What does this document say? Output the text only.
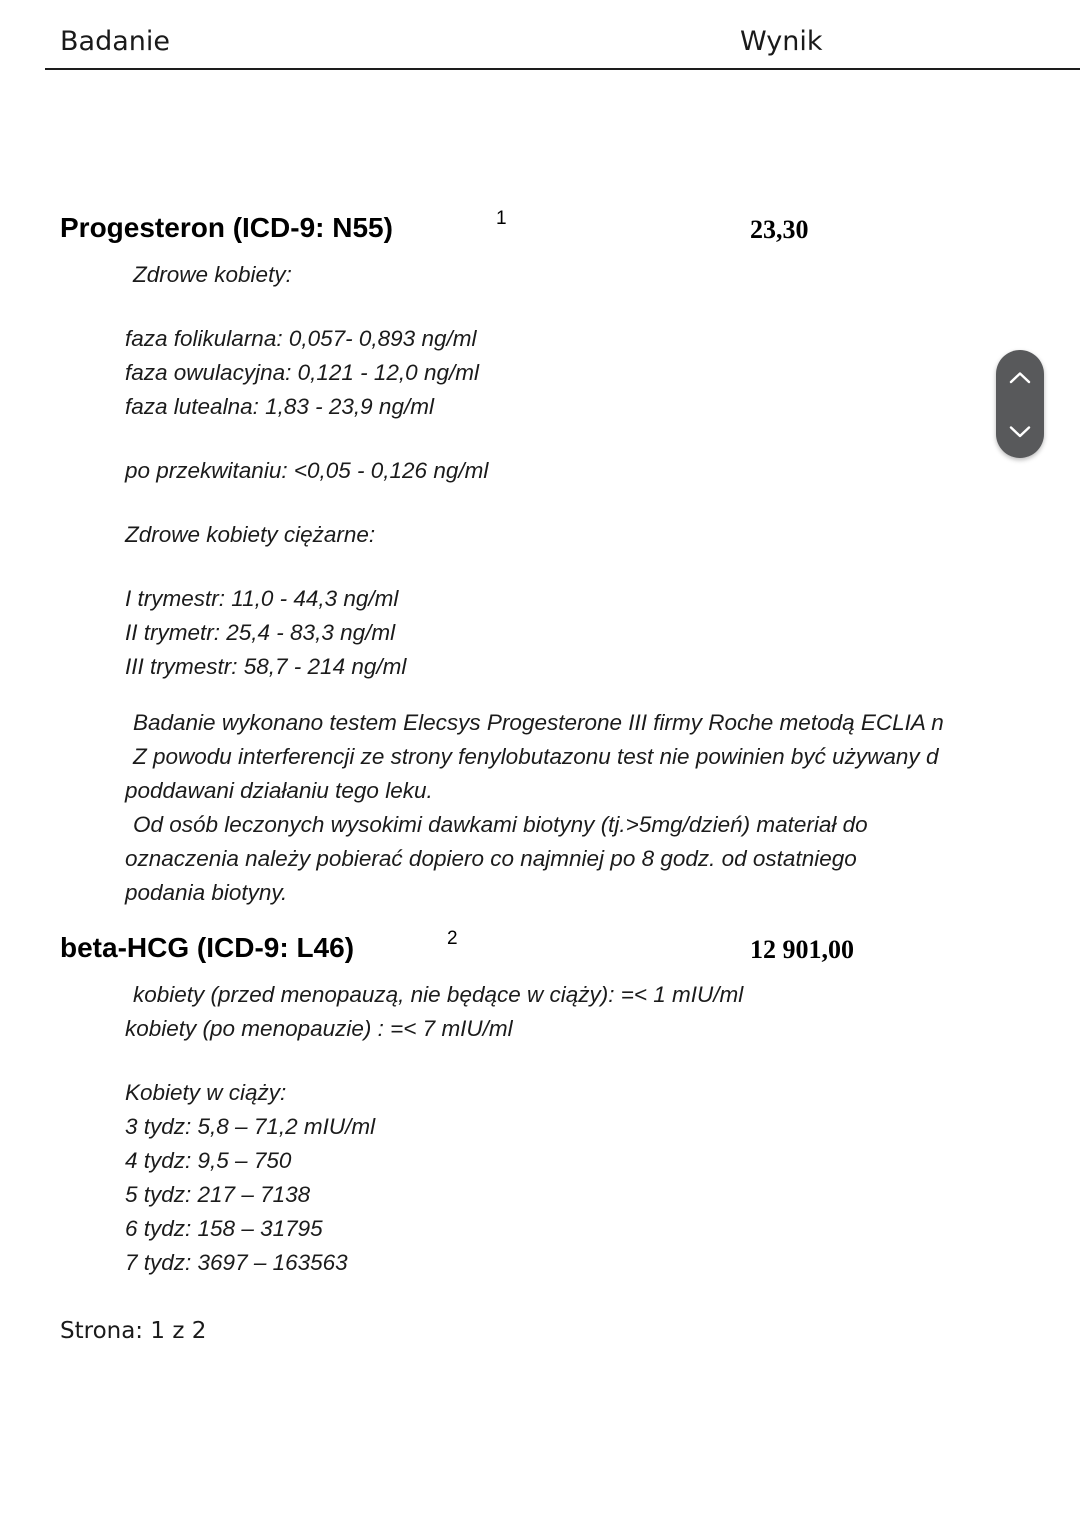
Badanie	Wynik
Progesteron (ICD-9: N55)	1	23,30
Zdrowe kobiety:
faza folikularna: 0,057- 0,893 ng/ml
faza owulacyjna: 0,121 - 12,0 ng/ml
faza lutealna: 1,83 - 23,9 ng/ml
po przekwitaniu: <0,05 - 0,126 ng/ml
Zdrowe kobiety ciężarne:
I trymestr: 11,0 - 44,3 ng/ml
II trymetr: 25,4 - 83,3 ng/ml
III trymestr: 58,7 - 214 ng/ml
Badanie wykonano testem Elecsys Progesterone III firmy Roche metodą ECLIA n
Z powodu interferencji ze strony fenylobutazonu test nie powinien być używany d
poddawani działaniu tego leku.
Od osób leczonych wysokimi dawkami biotyny (tj.>5mg/dzień) materiał do
oznaczenia należy pobierać dopiero co najmniej po 8 godz. od ostatniego
podania biotyny.
beta-HCG (ICD-9: L46)	2	12 901,00
kobiety (przed menopauzą, nie będące w ciąży): =< 1 mIU/ml
kobiety (po menopauzie) : =< 7 mIU/ml
Kobiety w ciąży:
3 tydz: 5,8 – 71,2 mIU/ml
4 tydz: 9,5 – 750
5 tydz: 217 – 7138
6 tydz: 158 – 31795
7 tydz: 3697 – 163563
Strona: 1 z 2
